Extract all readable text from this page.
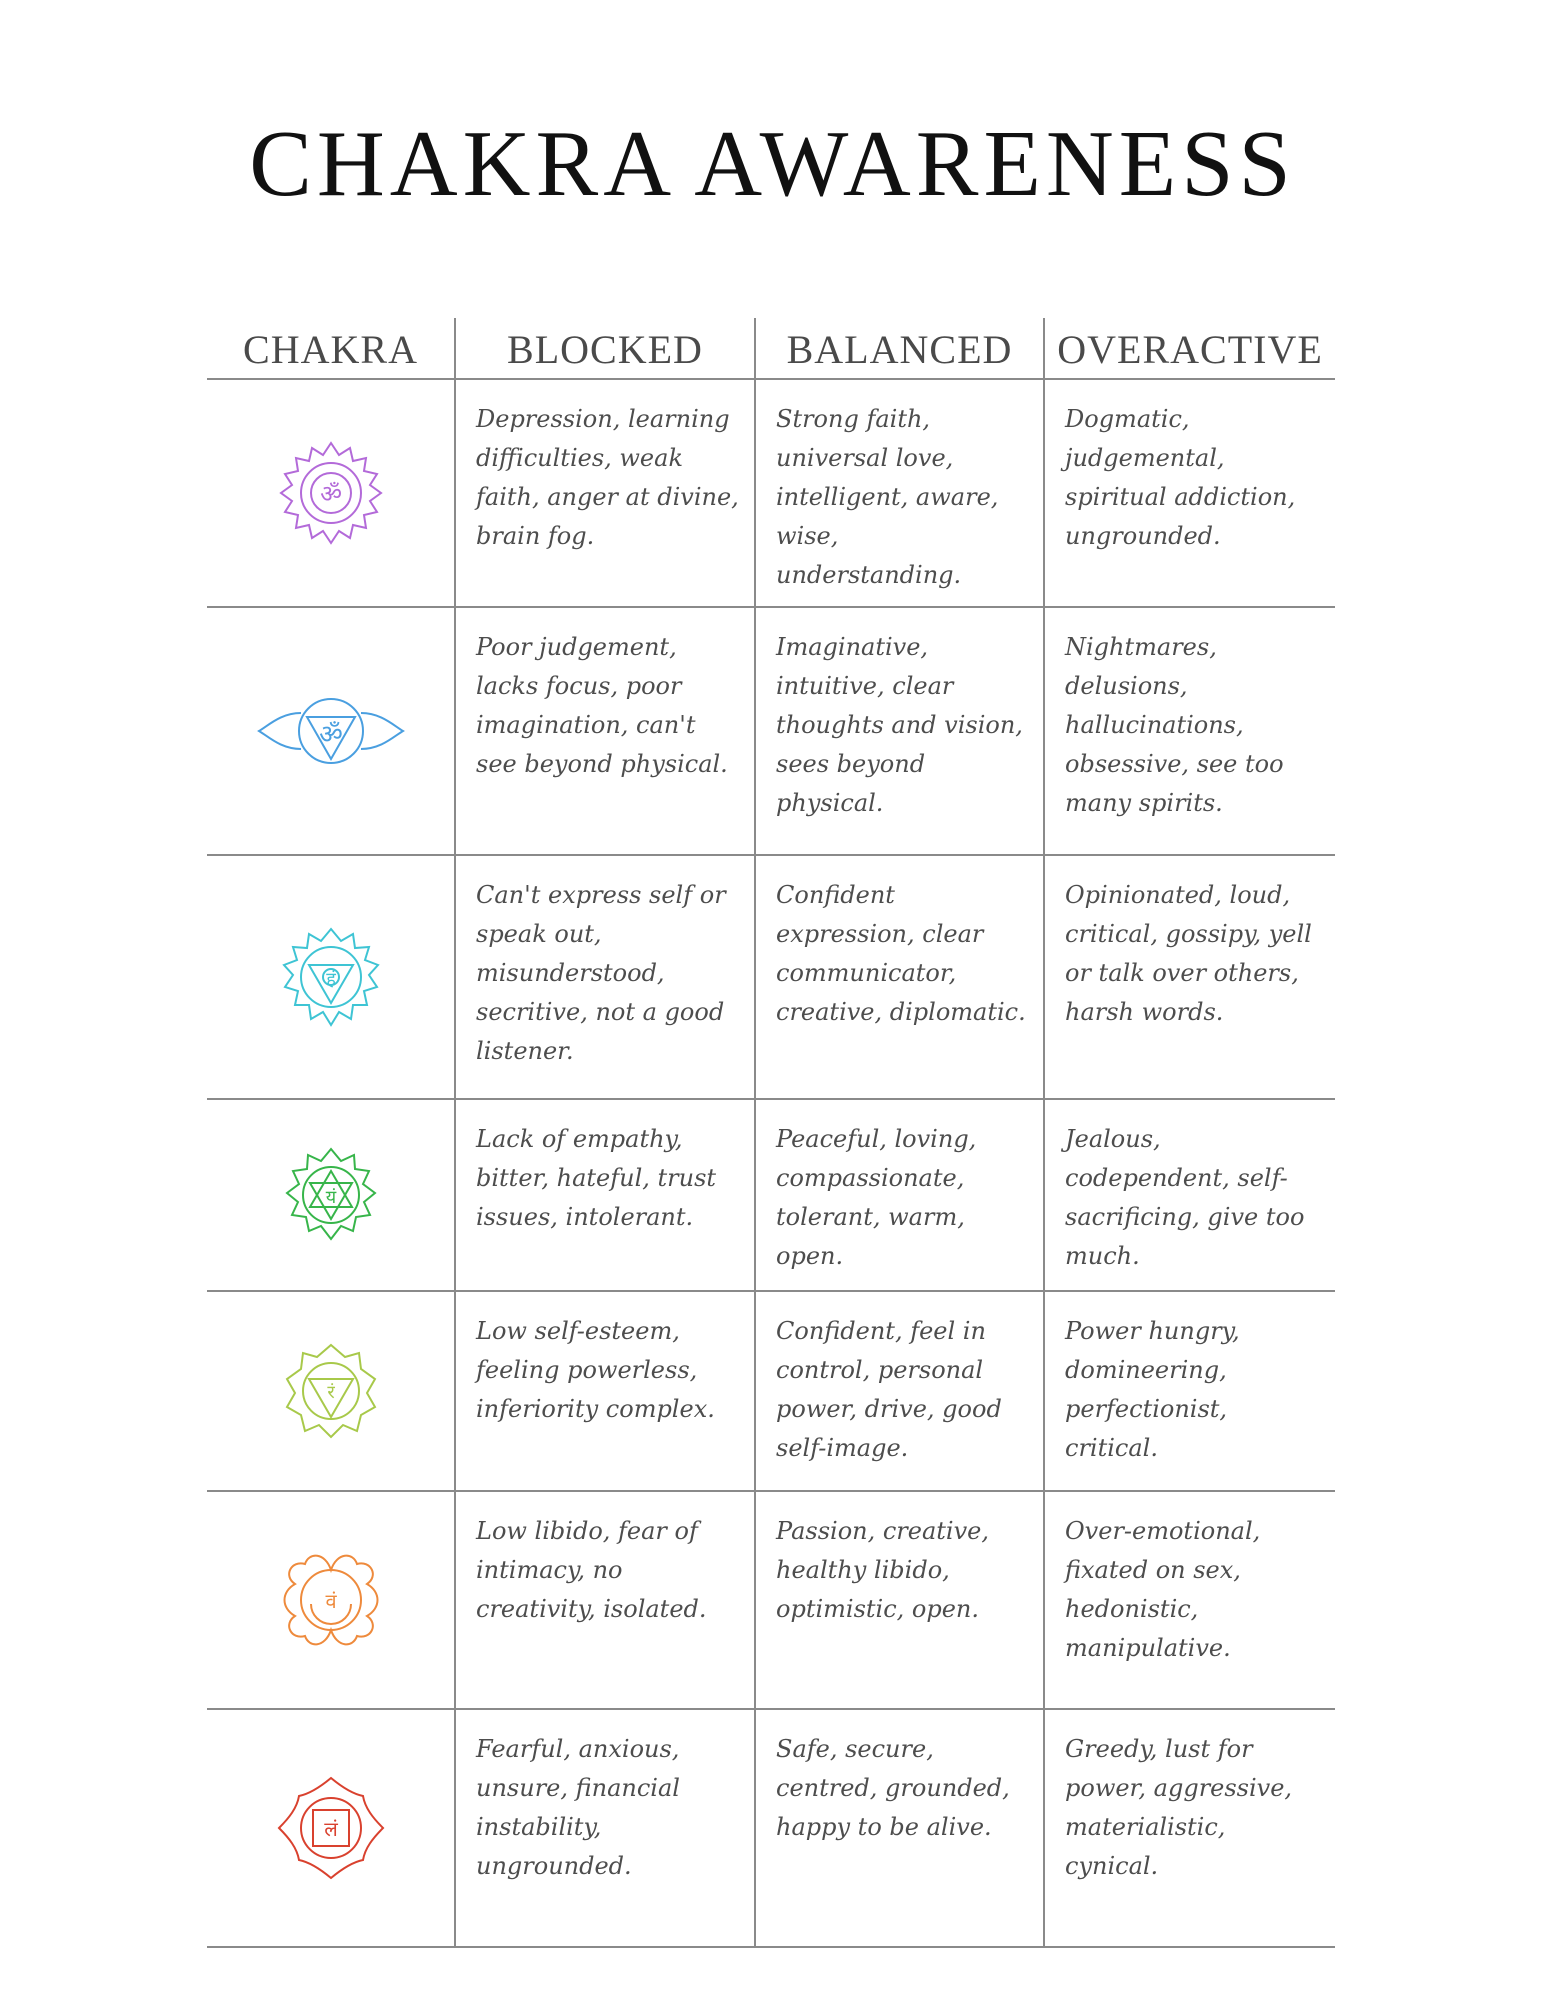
CHAKRA AWARENESS
CHAKRA	BLOCKED	BALANCED	OVERACTIVE

ॐ	Depression, learning difficulties, weak faith, anger at divine, brain fog.	Strong faith, universal love, intelligent, aware, wise, understanding.	Dogmatic, judgemental, spiritual addiction, ungrounded.

ॐ	Poor judgement, lacks focus, poor imagination, can't see beyond physical.	Imaginative, intuitive, clear thoughts and vision, sees beyond physical.	Nightmares, delusions, hallucinations, obsessive, see too many spirits.

हं	Can't express self or speak out, misunderstood, secritive, not a good listener.	Confident expression, clear communicator, creative, diplomatic.	Opinionated, loud, critical, gossipy, yell or talk over others, harsh words.

यं	Lack of empathy, bitter, hateful, trust issues, intolerant.	Peaceful, loving, compassionate, tolerant, warm, open.	Jealous, codependent, self-sacrificing, give too much.

रं	Low self-esteem, feeling powerless, inferiority complex.	Confident, feel in control, personal power, drive, good self-image.	Power hungry, domineering, perfectionist, critical.

वं	Low libido, fear of intimacy, no creativity, isolated.	Passion, creative, healthy libido, optimistic, open.	Over-emotional, fixated on sex, hedonistic, manipulative.

लं	Fearful, anxious, unsure, financial instability, ungrounded.	Safe, secure, centred, grounded, happy to be alive.	Greedy, lust for power, aggressive, materialistic, cynical.
